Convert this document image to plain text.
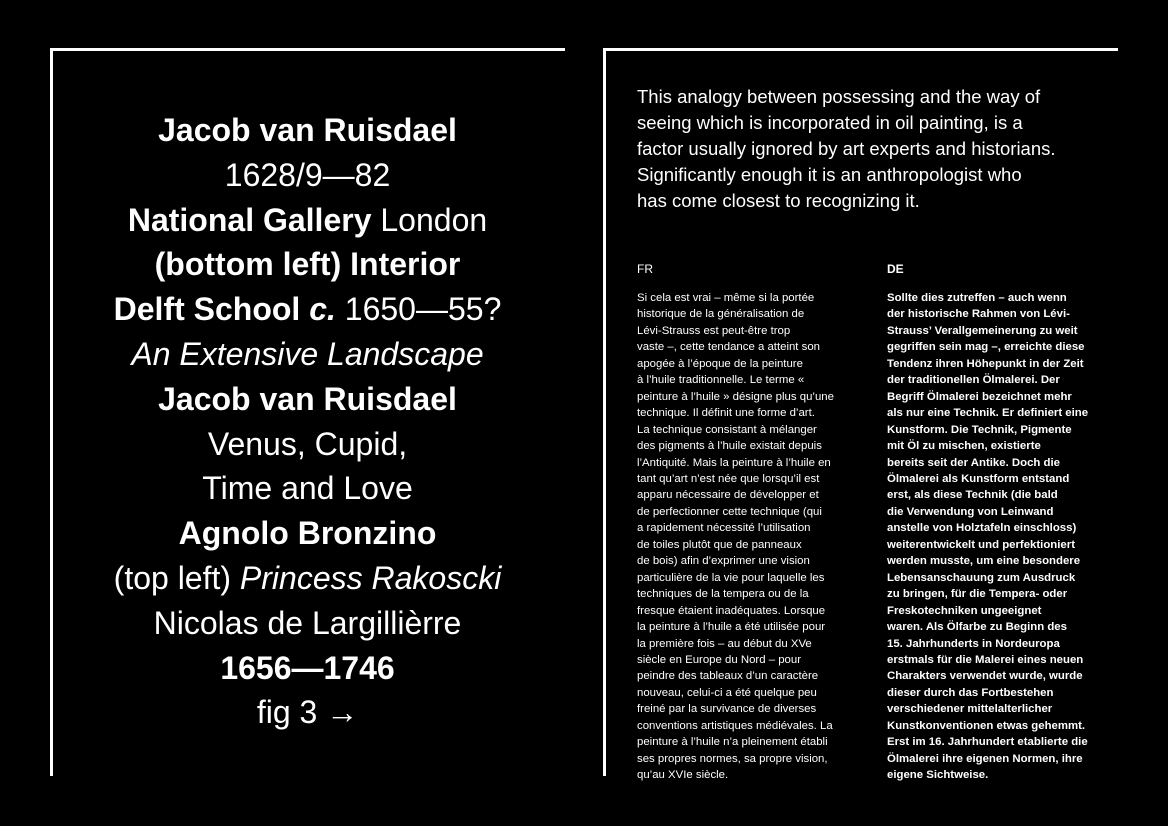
Jacob van Ruisdael
1628/9—82
National Gallery London
(bottom left) Interior
Delft School c. 1650—55?
An Extensive Landscape
Jacob van Ruisdael
Venus, Cupid,
Time and Love
Agnolo Bronzino
(top left) Princess Rakoscki
Nicolas de Largillièrre
1656—1746
fig 3 →
This analogy between possessing and the way of
seeing which is incorporated in oil painting, is a
factor usually ignored by art experts and historians.
Significantly enough it is an anthropologist who
has come closest to recognizing it.
FR	DE
Si cela est vrai – même si la portée
historique de la généralisation de
Lévi-Strauss est peut-être trop
vaste –, cette tendance a atteint son
apogée à l’époque de la peinture
à l’huile traditionnelle. Le terme «
peinture à l’huile » désigne plus qu’une
technique. Il définit une forme d’art.
La technique consistant à mélanger
des pigments à l’huile existait depuis
l’Antiquité. Mais la peinture à l’huile en
tant qu’art n’est née que lorsqu’il est
apparu nécessaire de développer et
de perfectionner cette technique (qui
a rapidement nécessité l’utilisation
de toiles plutôt que de panneaux
de bois) afin d’exprimer une vision
particulière de la vie pour laquelle les
techniques de la tempera ou de la
fresque étaient inadéquates. Lorsque
la peinture à l’huile a été utilisée pour
la première fois – au début du XVe
siècle en Europe du Nord – pour
peindre des tableaux d’un caractère
nouveau, celui-ci a été quelque peu
freiné par la survivance de diverses
conventions artistiques médiévales. La
peinture à l’huile n’a pleinement établi
ses propres normes, sa propre vision,
qu’au XVIe siècle.
Sollte dies zutreffen – auch wenn
der historische Rahmen von Lévi-
Strauss’ Verallgemeinerung zu weit
gegriffen sein mag –, erreichte diese
Tendenz ihren Höhepunkt in der Zeit
der traditionellen Ölmalerei. Der
Begriff Ölmalerei bezeichnet mehr
als nur eine Technik. Er definiert eine
Kunstform. Die Technik, Pigmente
mit Öl zu mischen, existierte
bereits seit der Antike. Doch die
Ölmalerei als Kunstform entstand
erst, als diese Technik (die bald
die Verwendung von Leinwand
anstelle von Holztafeln einschloss)
weiterentwickelt und perfektioniert
werden musste, um eine besondere
Lebensanschauung zum Ausdruck
zu bringen, für die Tempera- oder
Freskotechniken ungeeignet
waren. Als Ölfarbe zu Beginn des
15. Jahrhunderts in Nordeuropa
erstmals für die Malerei eines neuen
Charakters verwendet wurde, wurde
dieser durch das Fortbestehen
verschiedener mittelalterlicher
Kunstkonventionen etwas gehemmt.
Erst im 16. Jahrhundert etablierte die
Ölmalerei ihre eigenen Normen, ihre
eigene Sichtweise.
